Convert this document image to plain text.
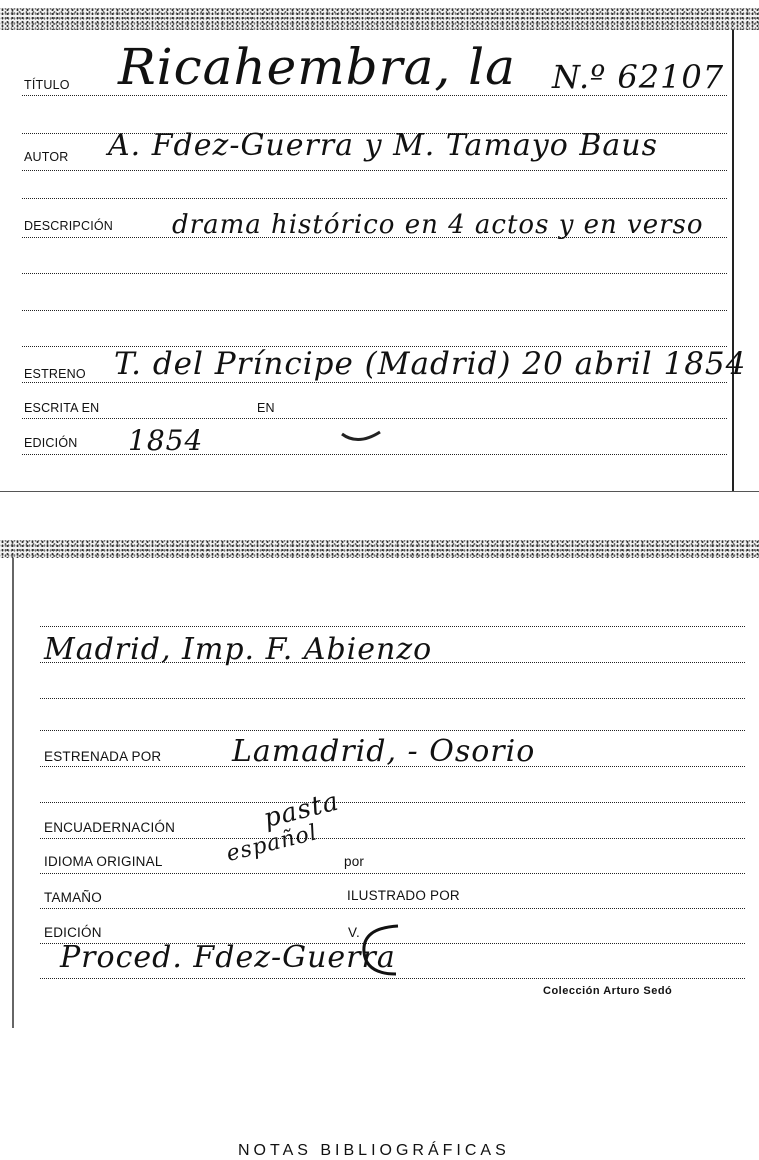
TÍTULO Ricahembra, la N.º 62107
AUTOR A. Fdez-Guerra y M. Tamayo Baus
DESCRIPCIÓN drama histórico en 4 actos y en verso
ESTRENO T. del Príncipe (Madrid) 20 abril 1854
ESCRITA EN	EN
EDICIÓN 1854
NOTAS BIBLIOGRÁFICAS
Madrid, Imp. F. Abienzo
ESTRENADA POR Lamadrid, - Osorio
ENCUADERNACIÓN	pasta
IDIOMA ORIGINAL	español por
TAMAÑO	ILUSTRADO POR
EDICIÓN	V.
Proced. Fdez-Guerra
Colección Arturo Sedó
